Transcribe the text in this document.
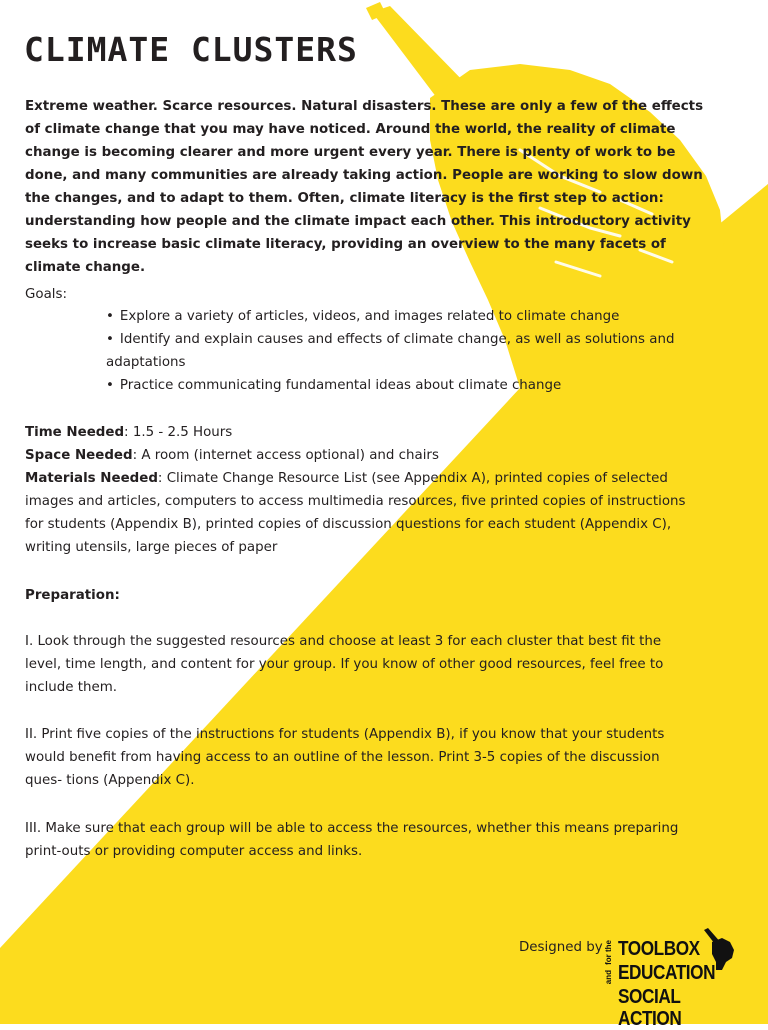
CLIMATE CLUSTERS

Extreme weather. Scarce resources. Natural disasters. These are only a few of the effects of climate change that you may have noticed. Around the world, the reality of climate change is becoming clearer and more urgent every year. There is plenty of work to be done, and many communities are already taking action. People are working to slow down the changes, and to adapt to them. Often, climate literacy is the first step to action: understanding how people and the climate impact each other. This introductory activity seeks to increase basic climate literacy, providing an overview to the many facets of climate change.

Goals:

• Explore a variety of articles, videos, and images related to climate change
• Identify and explain causes and effects of climate change, as well as solutions and adaptations
• Practice communicating fundamental ideas about climate change

Time Needed: 1.5 - 2.5 Hours
Space Needed: A room (internet access optional) and chairs
Materials Needed: Climate Change Resource List (see Appendix A), printed copies of selected images and articles, computers to access multimedia resources, five printed copies of instructions for students (Appendix B), printed copies of discussion questions for each student (Appendix C), writing utensils, large pieces of paper

Preparation:

I. Look through the suggested resources and choose at least 3 for each cluster that best fit the level, time length, and content for your group. If you know of other good resources, feel free to include them.

II. Print five copies of the instructions for students (Appendix B), if you know that your students would benefit from having access to an outline of the lesson. Print 3-5 copies of the discussion ques- tions (Appendix C).

III. Make sure that each group will be able to access the resources, whether this means preparing print-outs or providing computer access and links.

Designed by for the
and

TOOLBOX

EDUCATION

SOCIAL ACTION
